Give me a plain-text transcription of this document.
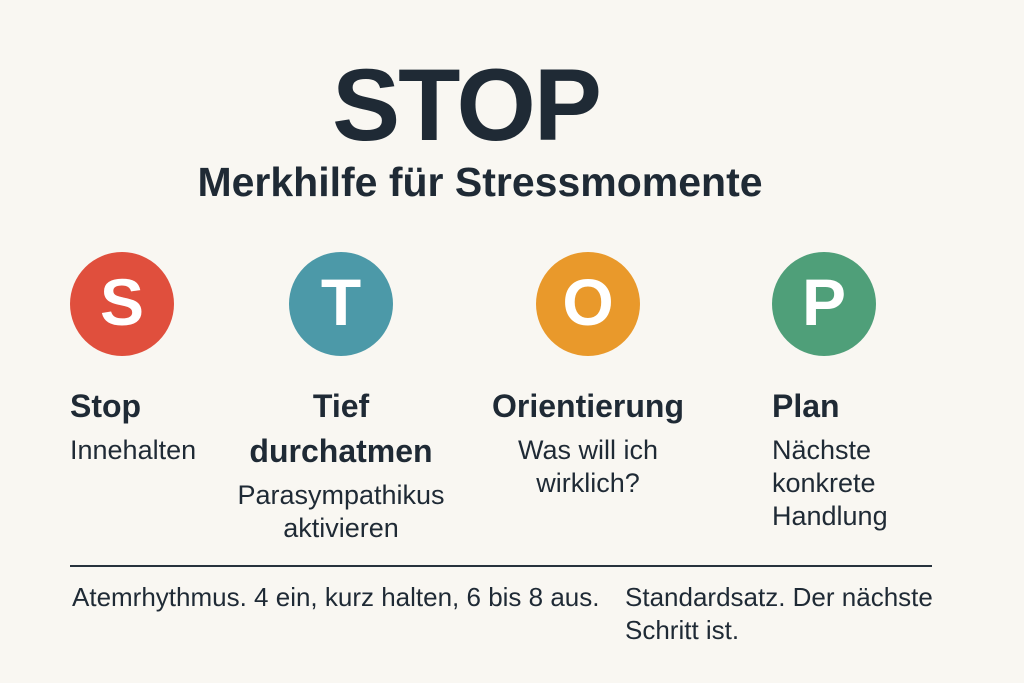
STOP
Merkhilfe für Stressmomente
S
Stop
Innehalten
T
Tief durchatmen
Parasympathikus aktivieren
O
Orientierung
Was will ich wirklich?
P
Plan
Nächste konkrete Handlung
Atemrhythmus. 4 ein, kurz halten, 6 bis 8 aus. Standardsatz. Der nächste Schritt ist.
